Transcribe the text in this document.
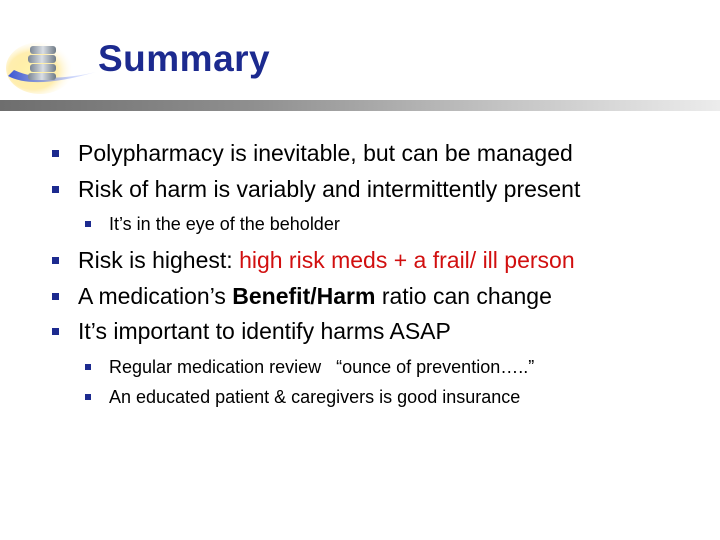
Summary
Polypharmacy is inevitable, but can be managed
Risk of harm is variably and intermittently present
It’s in the eye of the beholder
Risk is highest: high risk meds + a frail/ ill person
A medication’s Benefit/Harm ratio can change
It’s important to identify harms ASAP
Regular medication review   “ounce of prevention…..”
An educated patient & caregivers is good insurance
